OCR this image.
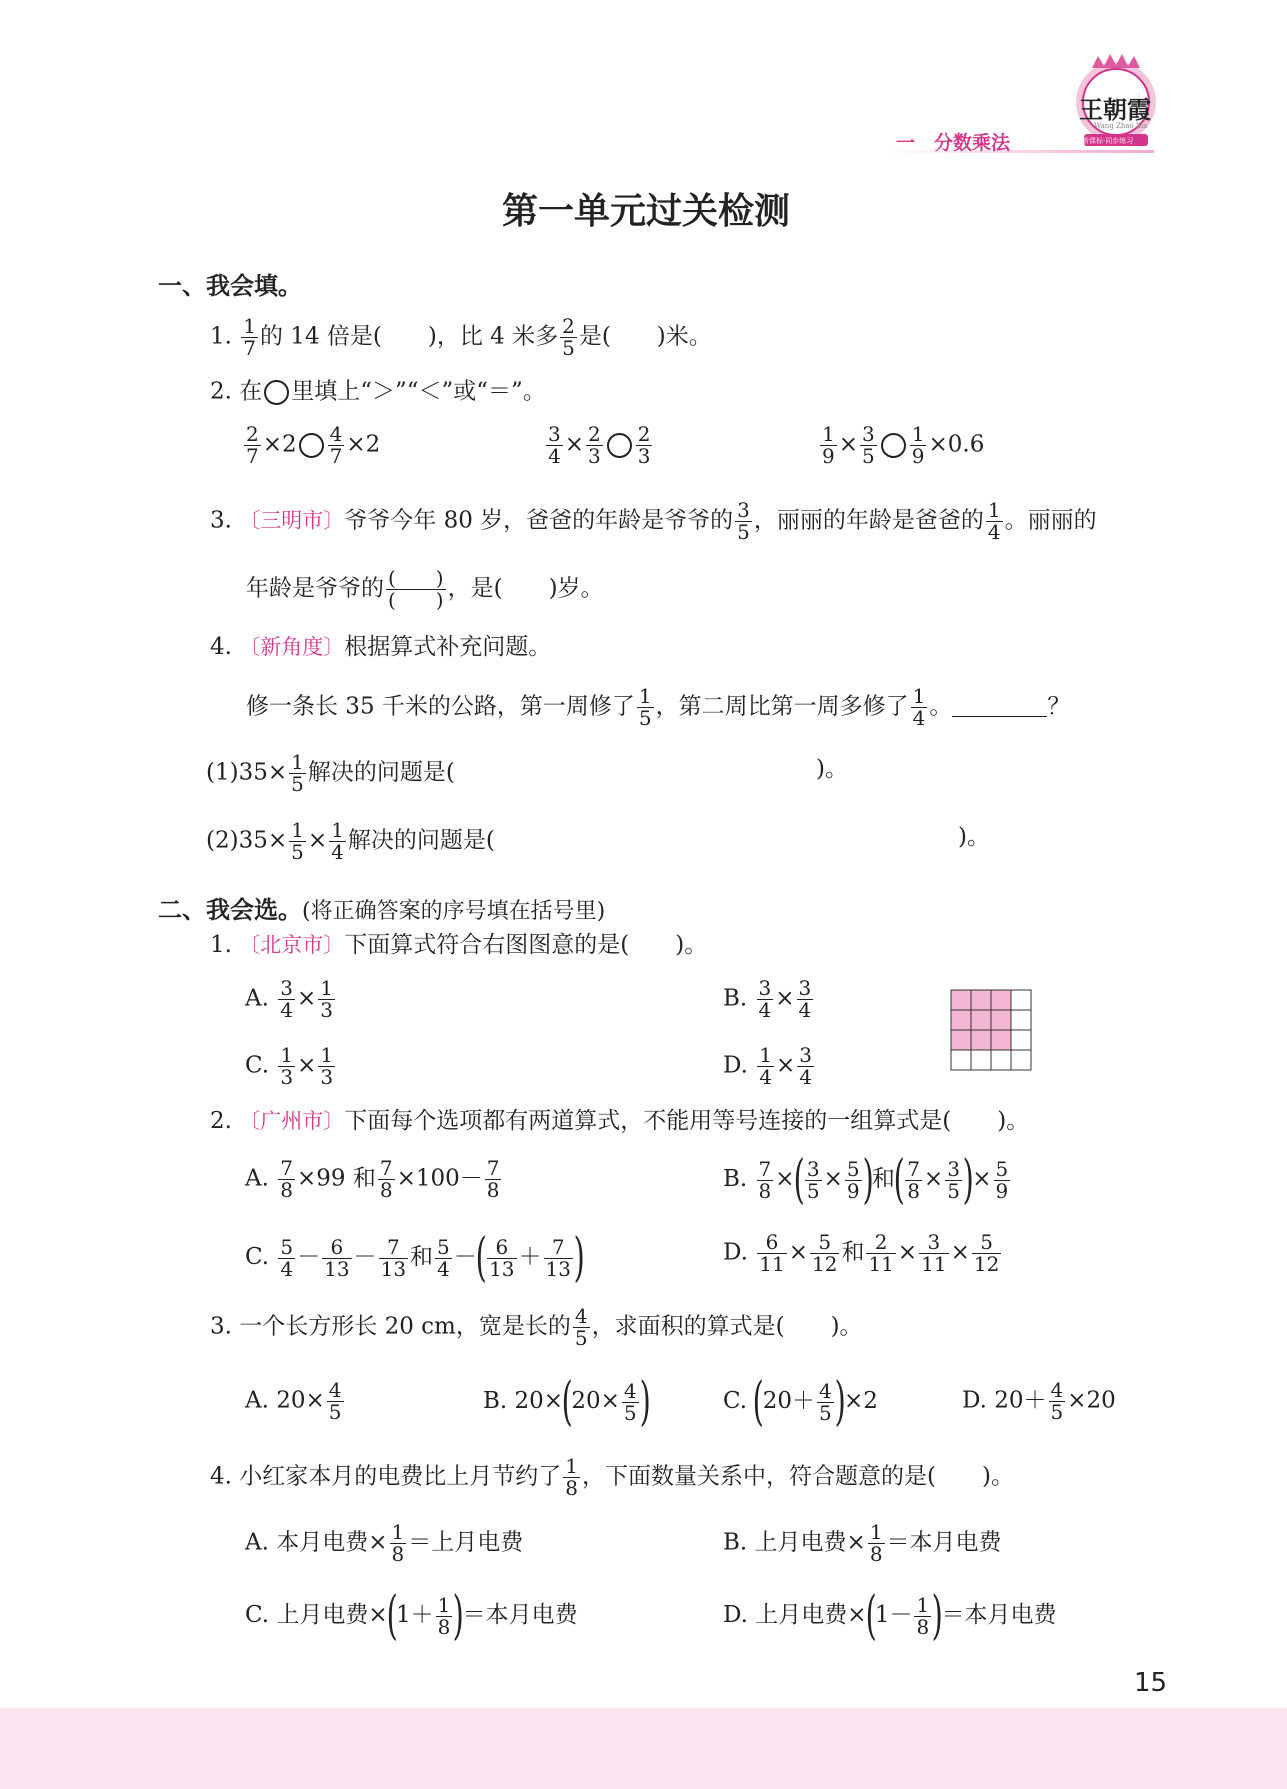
王朝霞
Wang Zhao Xia
新课标·同步练习
一　分数乘法
第一单元过关检测
一、我会填。
1. $\frac{1}{7}$ 的 14 倍是(　　)，比 4 米多 $\frac{2}{5}$ 是(　　)米。
2. 在 里填上“＞”“＜”或“＝”。
$\frac{2}{7} \times 2 \frac{4}{7} \times 2$	$\frac{3}{4} \times \frac{2}{3} \frac{2}{3}$	$\frac{1}{9} \times \frac{3}{5} \frac{1}{9} \times 0.6$
3. 〔三明市〕爷爷今年 80 岁，爸爸的年龄是爷爷的 $\frac{3}{5}$ ，丽丽的年龄是爸爸的 $\frac{1}{4}$ 。丽丽的
年龄是爷爷的 $\frac{( )}{( )}$ ，是(　　)岁。
4. 〔新角度〕根据算式补充问题。
修一条长 35 千米的公路，第一周修了 $\frac{1}{5}$ ，第二周比第一周多修了 $\frac{1}{4}$ 。	？
$(1)35\times \frac{1}{5}$ 解决的问题是(	)。
$(2)35\times \frac{1}{5} \times \frac{1}{4}$ 解决的问题是(	)。
二、我会选。(将正确答案的序号填在括号里)
1. 〔北京市〕下面算式符合右图图意的是(　　)。
A. $\frac{3}{4} \times \frac{1}{3}$	B. $\frac{3}{4} \times \frac{3}{4}$
C. $\frac{1}{3} \times \frac{1}{3}$	D. $\frac{1}{4} \times \frac{3}{4}$
2. 〔广州市〕下面每个选项都有两道算式，不能用等号连接的一组算式是(　　)。
A. $\frac{7}{8} \times 99$ 和 $\frac{7}{8} \times 100- \frac{7}{8}$	B. $\frac{7}{8}$ ×( $\frac{3}{5} \times \frac{5}{9}$ )和( $\frac{7}{8} \times \frac{3}{5}$ )× $\frac{5}{9}$
C. $\frac{5}{4} - \frac{6}{13} - \frac{7}{13}$ 和 $\frac{5}{4}$ －( $\frac{6}{13} + \frac{7}{13}$ )	D. $\frac{6}{11} \times \frac{5}{12}$ 和 $\frac{2}{11} \times \frac{3}{11} \times \frac{5}{12}$
3. 一个长方形长 20 cm，宽是长的 $\frac{4}{5}$ ，求面积的算式是(　　)。
A. $20\times \frac{4}{5}$	B. $20\times(20\times \frac{4}{5}$ )	C. $(20+ \frac{4}{5} )\times 2$	D. $20+ \frac{4}{5} \times 20$
4. 小红家本月的电费比上月节约了 $\frac{1}{8}$ ，下面数量关系中，符合题意的是(　　)。
A. 本月电费× $\frac{1}{8}$ ＝上月电费	B. 上月电费× $\frac{1}{8}$ ＝本月电费
C. 上月电费$\times(1+ \frac{1}{8}$ )＝本月电费	D. 上月电费$\times(1- \frac{1}{8}$ )＝本月电费
15
